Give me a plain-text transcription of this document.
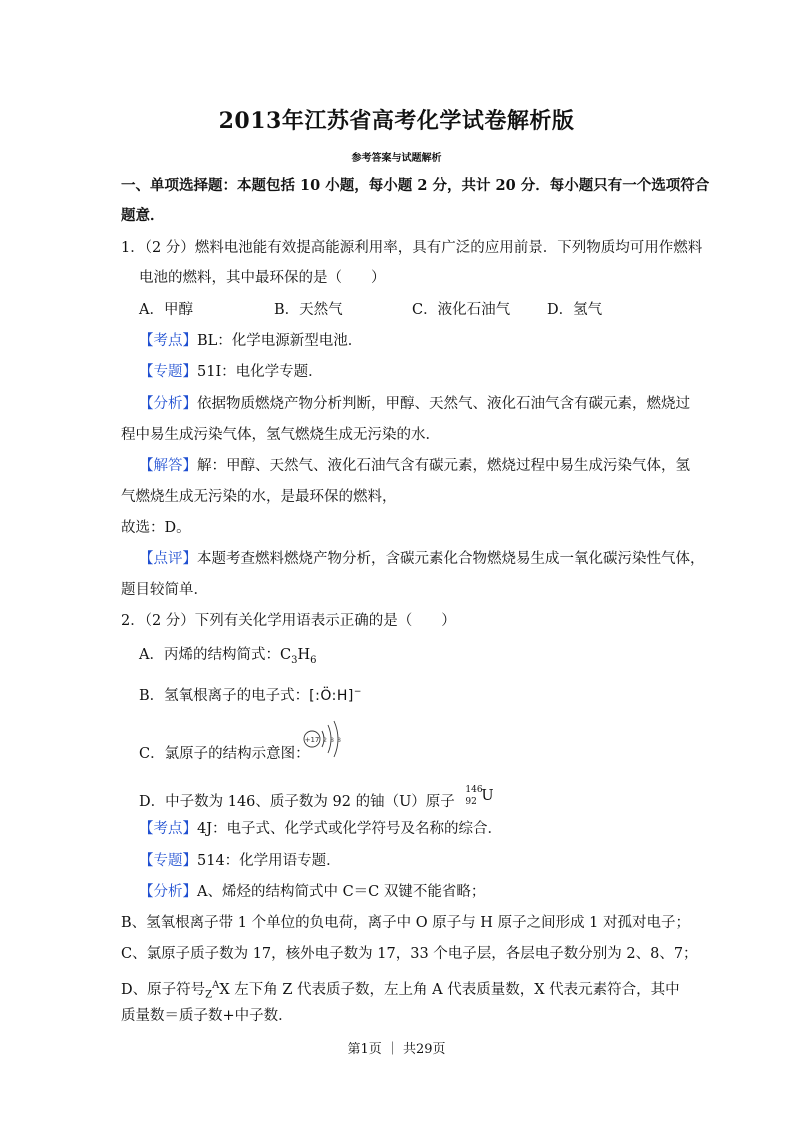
2013年江苏省高考化学试卷解析版
参考答案与试题解析
一、单项选择题：本题包括 10 小题，每小题 2 分，共计 20 分．每小题只有一个选项符合
题意．
1．（2 分）燃料电池能有效提高能源利用率，具有广泛的应用前景．下列物质均可用作燃料
电池的燃料，其中最环保的是（　　）
A．甲醇	B．天然气	C．液化石油气	D．氢气
【考点】BL：化学电源新型电池．
【专题】51I：电化学专题．
【分析】依据物质燃烧产物分析判断，甲醇、天然气、液化石油气含有碳元素，燃烧过
程中易生成污染气体，氢气燃烧生成无污染的水．
【解答】解：甲醇、天然气、液化石油气含有碳元素，燃烧过程中易生成污染气体，氢
气燃烧生成无污染的水，是最环保的燃料，
故选：D。
【点评】本题考查燃料燃烧产物分析，含碳元素化合物燃烧易生成一氧化碳污染性气体，
题目较简单．
2．（2 分）下列有关化学用语表示正确的是（　　）
A．丙烯的结构简式：$C_3H_6$
B．氢氧根离子的电子式：[:Ö:H]−
C．氯原子的结构示意图：
+17 2 8 8
D．中子数为 146、质子数为 92 的铀（U）原子
146
92 U
【考点】4J：电子式、化学式或化学符号及名称的综合．
【专题】514：化学用语专题．
【分析】A、烯烃的结构简式中 C＝C 双键不能省略；
B、氢氧根离子带 1 个单位的负电荷，离子中 O 原子与 H 原子之间形成 1 对孤对电子；
C、氯原子质子数为 17，核外电子数为 17，33 个电子层，各层电子数分别为 2、8、7；
D、原子符号$_Z^A$X 左下角 Z 代表质子数，左上角 A 代表质量数，X 代表元素符合，其中
质量数＝质子数+中子数．
第1页 ｜ 共29页
